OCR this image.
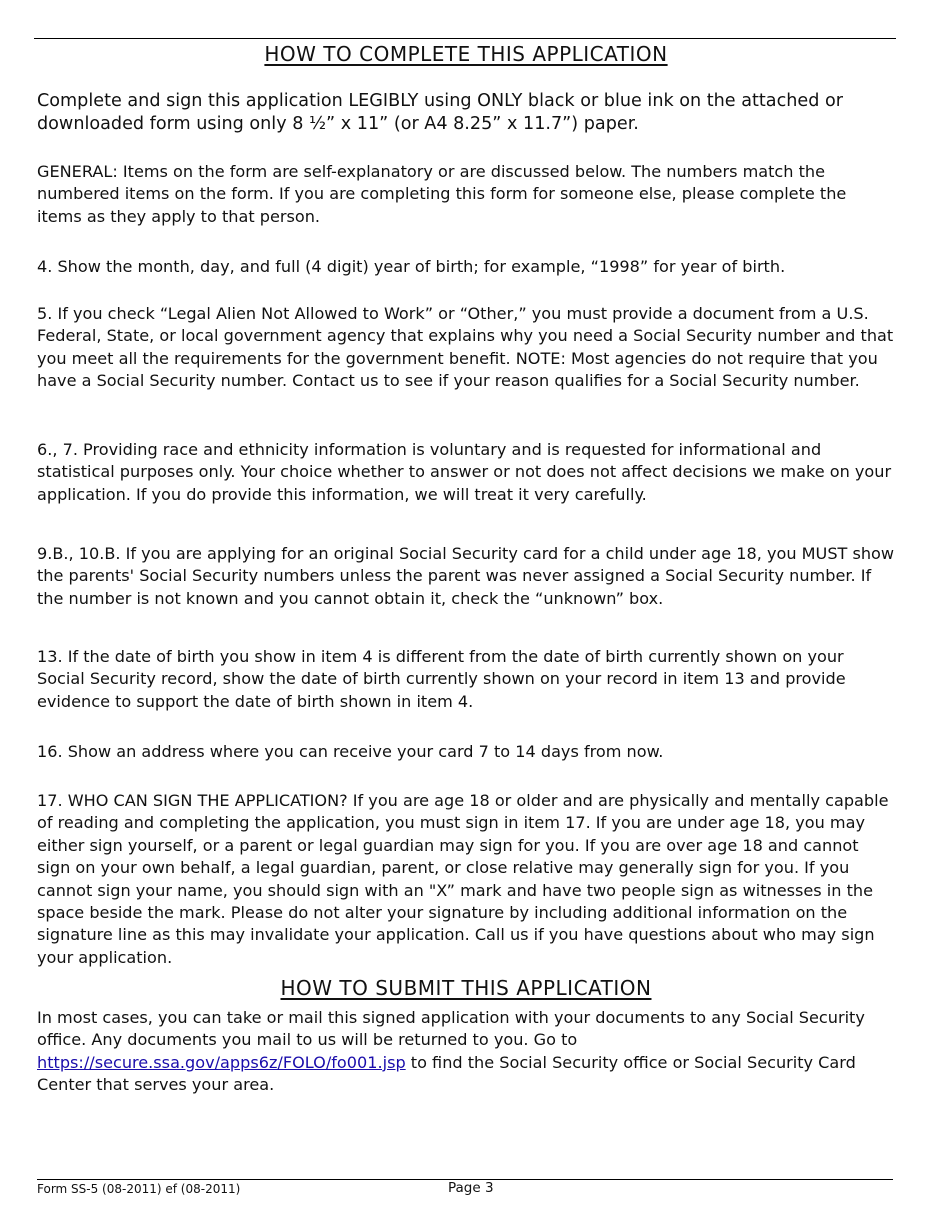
HOW TO COMPLETE THIS APPLICATION

Complete and sign this application LEGIBLY using ONLY black or blue ink on the attached or downloaded form using only 8 ½” x 11” (or A4 8.25” x 11.7”) paper.

GENERAL: Items on the form are self-explanatory or are discussed below. The numbers match the numbered items on the form. If you are completing this form for someone else, please complete the items as they apply to that person.

4. Show the month, day, and full (4 digit) year of birth; for example, “1998” for year of birth.

5. If you check “Legal Alien Not Allowed to Work” or “Other,” you must provide a document from a U.S. Federal, State, or local government agency that explains why you need a Social Security number and that you meet all the requirements for the government benefit. NOTE: Most agencies do not require that you have a Social Security number. Contact us to see if your reason qualifies for a Social Security number.

6., 7. Providing race and ethnicity information is voluntary and is requested for informational and statistical purposes only. Your choice whether to answer or not does not affect decisions we make on your application. If you do provide this information, we will treat it very carefully.

9.B., 10.B. If you are applying for an original Social Security card for a child under age 18, you MUST show the parents' Social Security numbers unless the parent was never assigned a Social Security number. If the number is not known and you cannot obtain it, check the “unknown” box.

13. If the date of birth you show in item 4 is different from the date of birth currently shown on your Social Security record, show the date of birth currently shown on your record in item 13 and provide evidence to support the date of birth shown in item 4.

16. Show an address where you can receive your card 7 to 14 days from now.

17. WHO CAN SIGN THE APPLICATION? If you are age 18 or older and are physically and mentally capable of reading and completing the application, you must sign in item 17. If you are under age 18, you may either sign yourself, or a parent or legal guardian may sign for you. If you are over age 18 and cannot sign on your own behalf, a legal guardian, parent, or close relative may generally sign for you. If you cannot sign your name, you should sign with an "X” mark and have two people sign as witnesses in the space beside the mark. Please do not alter your signature by including additional information on the signature line as this may invalidate your application. Call us if you have questions about who may sign your application.

HOW TO SUBMIT THIS APPLICATION

In most cases, you can take or mail this signed application with your documents to any Social Security office. Any documents you mail to us will be returned to you. Go to https://secure.ssa.gov/apps6z/FOLO/fo001.jsp to find the Social Security office or Social Security Card Center that serves your area.

Form SS-5 (08-2011) ef (08-2011)	Page 3
